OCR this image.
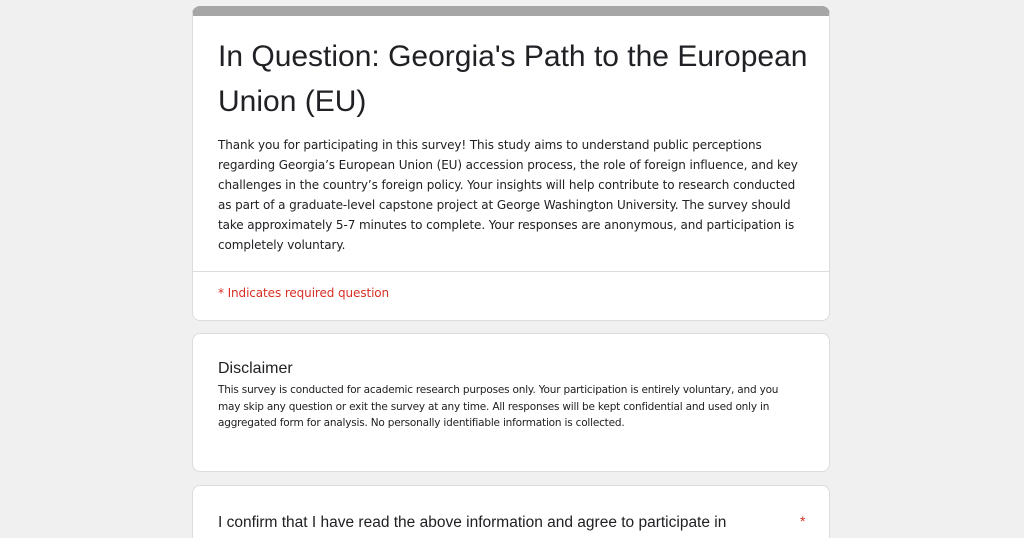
In Question: Georgia's Path to the European Union (EU)

Thank you for participating in this survey! This study aims to understand public perceptions regarding Georgia’s European Union (EU) accession process, the role of foreign influence, and key challenges in the country’s foreign policy. Your insights will help contribute to research conducted as part of a graduate-level capstone project at George Washington University. The survey should take approximately 5-7 minutes to complete. Your responses are anonymous, and participation is completely voluntary.

* Indicates required question
Disclaimer

This survey is conducted for academic research purposes only. Your participation is entirely voluntary, and you may skip any question or exit the survey at any time. All responses will be kept confidential and used only in aggregated form for analysis. No personally identifiable information is collected.

I confirm that I have read the above information and agree to participate in	*
